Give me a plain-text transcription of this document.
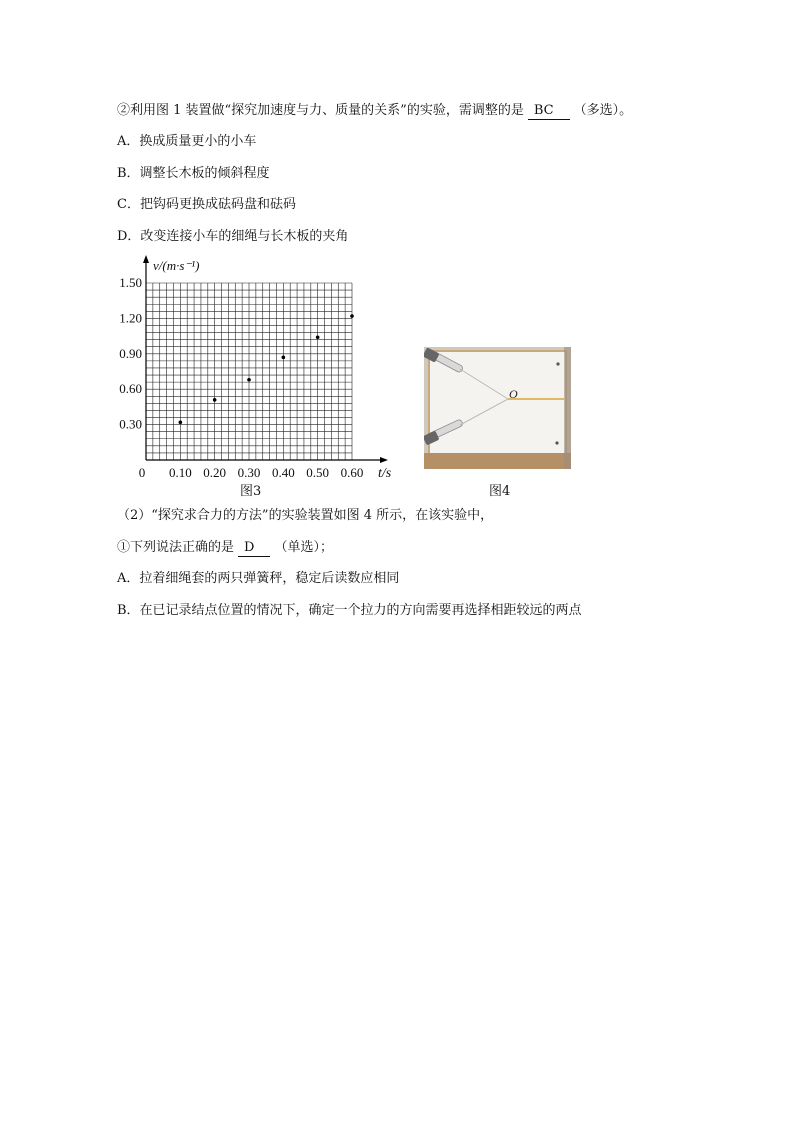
②利用图 1 装置做“探究加速度与力、质量的关系”的实验，需调整的是 BC （多选）。
A．换成质量更小的小车
B．调整长木板的倾斜程度
C．把钩码更换成砝码盘和砝码
D．改变连接小车的细绳与长木板的夹角
0 0.10 0.20 0.30 0.40 0.50 0.60
0.30
0.60
0.90
1.20
1.50
v/(m·s⁻¹)
t/s
图3
O
图4
（2）“探究求合力的方法”的实验装置如图 4 所示，在该实验中，
①下列说法正确的是 D （单选）；
A．拉着细绳套的两只弹簧秤，稳定后读数应相同
B．在已记录结点位置的情况下，确定一个拉力的方向需要再选择相距较远的两点
